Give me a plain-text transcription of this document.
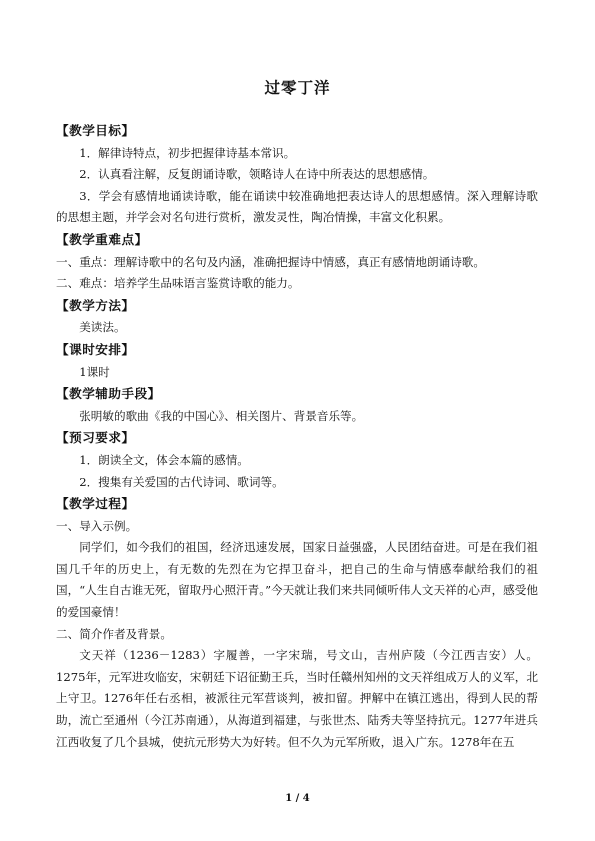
过零丁洋
【教学目标】

1．解律诗特点，初步把握律诗基本常识。

2．认真看注解，反复朗诵诗歌，领略诗人在诗中所表达的思想感情。

3．学会有感情地诵读诗歌，能在诵读中较准确地把表达诗人的思想感情。深入理解诗歌的思想主题，并学会对名句进行赏析，激发灵性，陶冶情操，丰富文化积累。

【教学重难点】

一、重点：理解诗歌中的名句及内涵，准确把握诗中情感，真正有感情地朗诵诗歌。

二、难点：培养学生品味语言鉴赏诗歌的能力。

【教学方法】

美读法。

【课时安排】

1课时

【教学辅助手段】

张明敏的歌曲《我的中国心》、相关图片、背景音乐等。

【预习要求】

1．朗读全文，体会本篇的感情。

2．搜集有关爱国的古代诗词、歌词等。

【教学过程】

一、导入示例。

同学们，如今我们的祖国，经济迅速发展，国家日益强盛，人民团结奋进。可是在我们祖国几千年的历史上，有无数的先烈在为它捍卫奋斗，把自己的生命与情感奉献给我们的祖国，“人生自古谁无死，留取丹心照汗青。”今天就让我们来共同倾听伟人文天祥的心声，感受他的爱国豪情！

二、简介作者及背景。

文天祥（1236－1283）字履善，一字宋瑞，号文山，吉州庐陵（今江西吉安）人。1275年，元军进攻临安，宋朝廷下诏征勤王兵，当时任赣州知州的文天祥组成万人的义军，北上守卫。1276年任右丞相，被派往元军营谈判，被扣留。押解中在镇江逃出，得到人民的帮助，流亡至通州（今江苏南通），从海道到福建，与张世杰、陆秀夫等坚持抗元。1277年进兵江西收复了几个县城，使抗元形势大为好转。但不久为元军所败，退入广东。1278年在五

1 / 4
